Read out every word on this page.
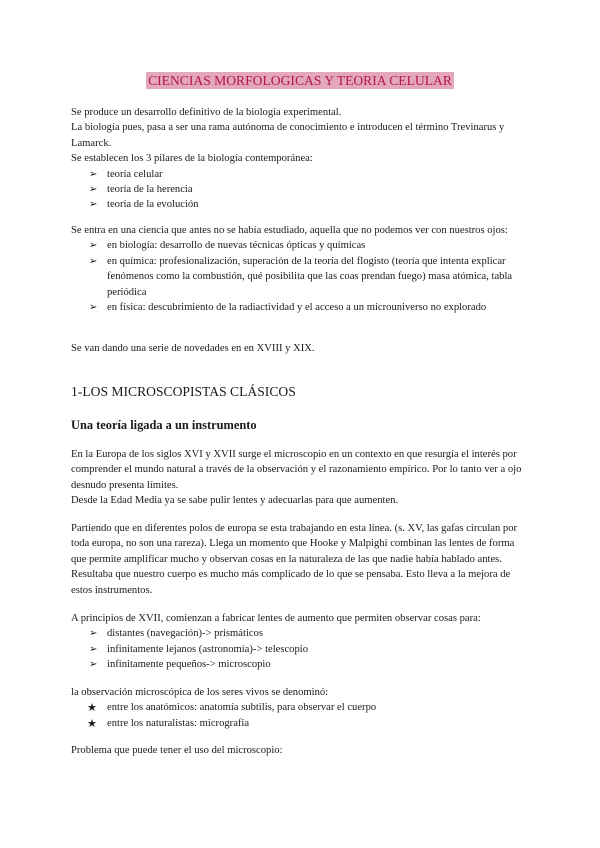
CIENCIAS MORFOLOGICAS Y TEORIA CELULAR

Se produce un desarrollo definitivo de la biología experimental.

La biología pues, pasa a ser una rama autónoma de conocimiento e introducen el término Trevinarus y Lamarck.

Se establecen los 3 pilares de la biología contemporánea:

➢ teoría celular
➢ teoría de la herencia
➢ teoría de la evolución

Se entra en una ciencia que antes no se había estudiado, aquella que no podemos ver con nuestros ojos:

➢ en biología: desarrollo de nuevas técnicas ópticas y químicas
➢ en química: profesionalización, superación de la teoría del flogisto (teoría que intenta explicar fenómenos como la combustión, qué posibilita que las coas prendan fuego) masa atómica, tabla periódica
➢ en física: descubrimiento de la radiactividad y el acceso a un microuniverso no explorado

Se van dando una serie de novedades en en XVIII y XIX.

1-LOS MICROSCOPISTAS CLÁSICOS
Una teoría ligada a un instrumento

En la Europa de los siglos XVI y XVII surge el microscopio en un contexto en que resurgía el interés por comprender el mundo natural a través de la observación y el razonamiento empírico. Por lo tanto ver a ojo desnudo presenta límites.

Desde la Edad Media ya se sabe pulir lentes y adecuarlas para que aumenten.

Partiendo que en diferentes polos de europa se esta trabajando en esta línea. (s. XV, las gafas circulan por toda europa, no son una rareza). Llega un momento que Hooke y Malpighi combinan las lentes de forma que permite amplificar mucho y observan cosas en la naturaleza de las que nadie había hablado antes. Resultaba que nuestro cuerpo es mucho más complicado de lo que se pensaba. Esto lleva a la mejora de estos instrumentos.

A principios de XVII, comienzan a fabricar lentes de aumento que permiten observar cosas para:

➢ distantes (navegación)-> prismáticos
➢ infinitamente lejanos (astronomía)-> telescopio
➢ infinitamente pequeños-> microscopio

la observación microscópica de los seres vivos se denominó:

★ entre los anatómicos: anatomía subtilis, para observar el cuerpo
★ entre los naturalistas: micrografía

Problema que puede tener el uso del microscopio:
